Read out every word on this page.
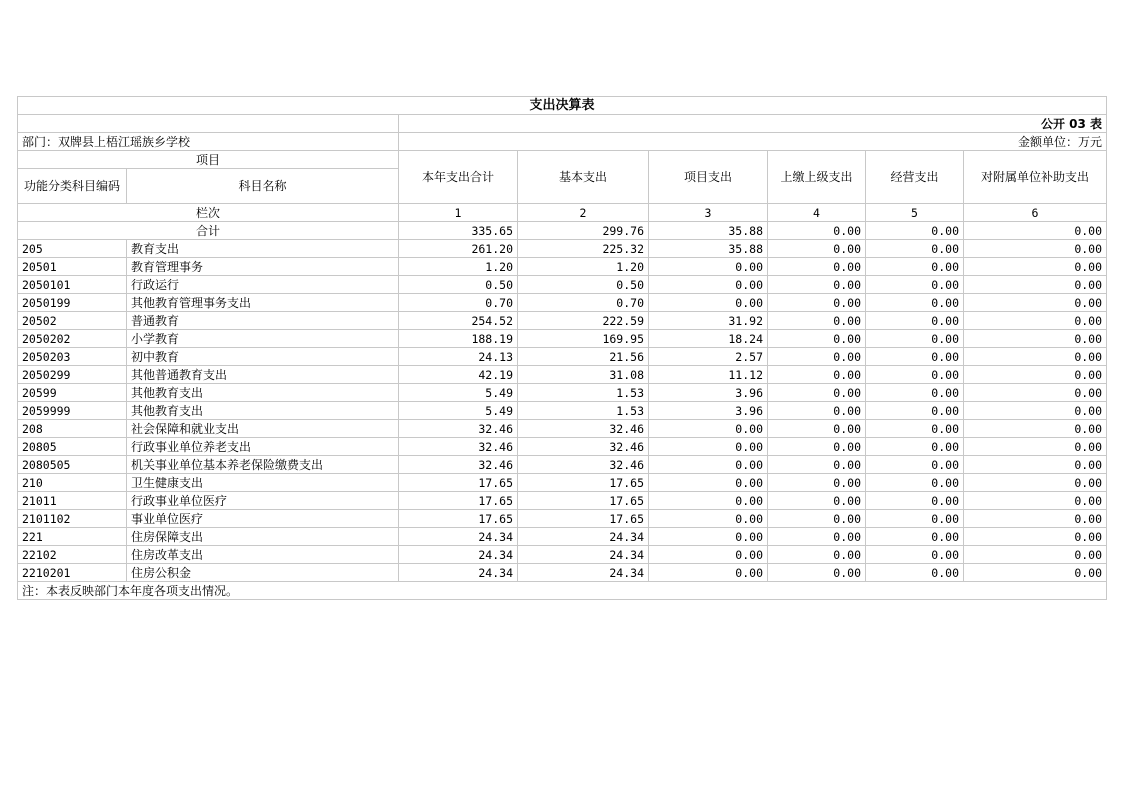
支出决算表							
		公开 03 表					
部门：双牌县上梧江瑶族乡学校		金额单位：万元					
项目		本年支出合计	基本支出	项目支出	上缴上级支出	经营支出	对附属单位补助支出
功能分类科目编码	科目名称						
栏次		1	2	3	4	5	6
合计		335.65	299.76	35.88	0.00	0.00	0.00
205	教育支出	261.20	225.32	35.88	0.00	0.00	0.00
20501	教育管理事务	1.20	1.20	0.00	0.00	0.00	0.00
2050101	行政运行	0.50	0.50	0.00	0.00	0.00	0.00
2050199	其他教育管理事务支出	0.70	0.70	0.00	0.00	0.00	0.00
20502	普通教育	254.52	222.59	31.92	0.00	0.00	0.00
2050202	小学教育	188.19	169.95	18.24	0.00	0.00	0.00
2050203	初中教育	24.13	21.56	2.57	0.00	0.00	0.00
2050299	其他普通教育支出	42.19	31.08	11.12	0.00	0.00	0.00
20599	其他教育支出	5.49	1.53	3.96	0.00	0.00	0.00
2059999	其他教育支出	5.49	1.53	3.96	0.00	0.00	0.00
208	社会保障和就业支出	32.46	32.46	0.00	0.00	0.00	0.00
20805	行政事业单位养老支出	32.46	32.46	0.00	0.00	0.00	0.00
2080505	机关事业单位基本养老保险缴费支出	32.46	32.46	0.00	0.00	0.00	0.00
210	卫生健康支出	17.65	17.65	0.00	0.00	0.00	0.00
21011	行政事业单位医疗	17.65	17.65	0.00	0.00	0.00	0.00
2101102	事业单位医疗	17.65	17.65	0.00	0.00	0.00	0.00
221	住房保障支出	24.34	24.34	0.00	0.00	0.00	0.00
22102	住房改革支出	24.34	24.34	0.00	0.00	0.00	0.00
2210201	住房公积金	24.34	24.34	0.00	0.00	0.00	0.00
注：本表反映部门本年度各项支出情况。							
